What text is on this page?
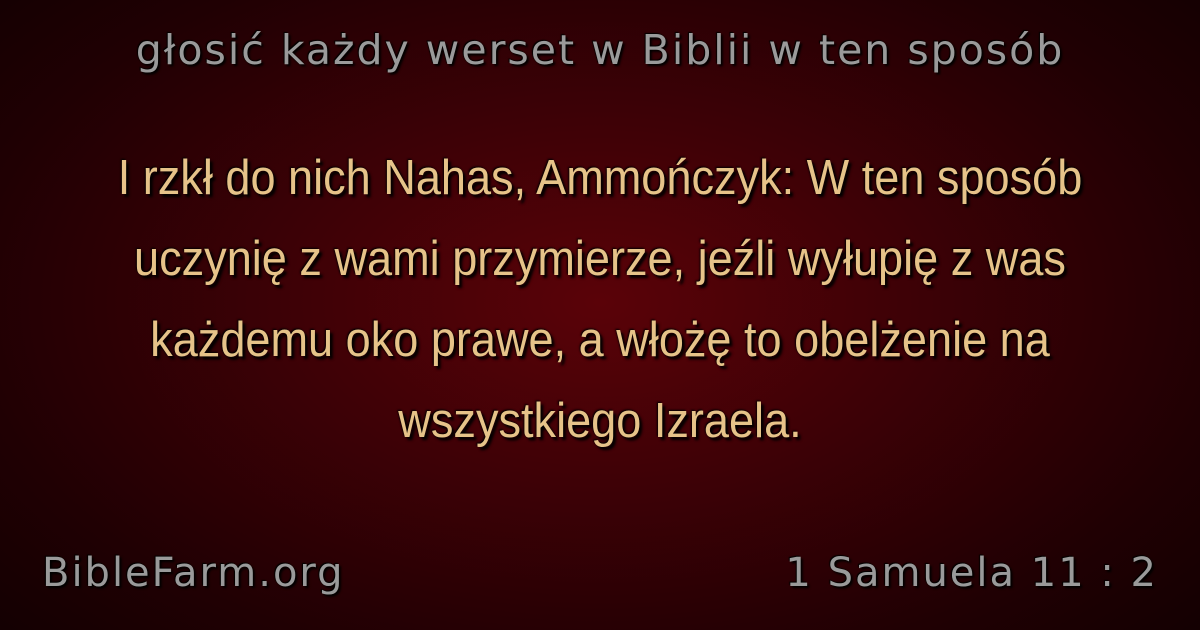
głosić każdy werset w Biblii w ten sposób
I rzkł do nich Nahas, Ammończyk: W ten sposób uczynię z wami przymierze, jeźli wyłupię z was każdemu oko prawe, a włożę to obelżenie na wszystkiego Izraela.
BibleFarm.org	1 Samuela 11 : 2
